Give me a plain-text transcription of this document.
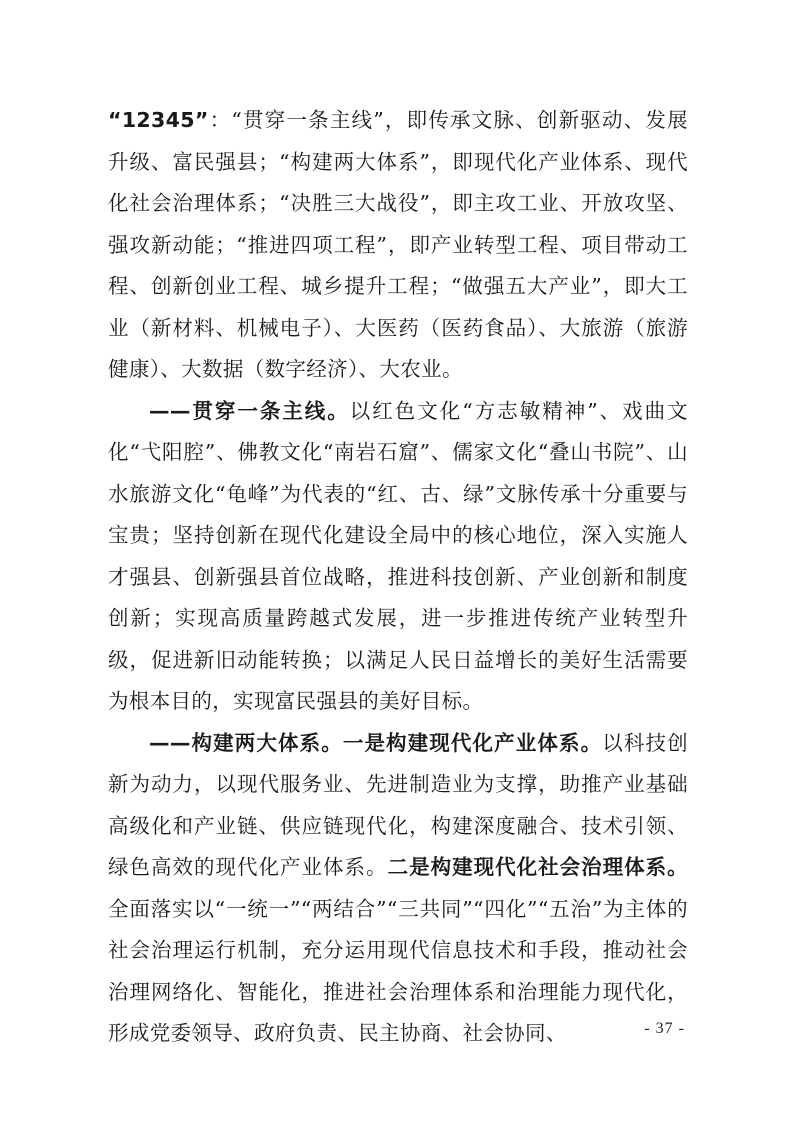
“12345”：“贯穿一条主线”，即传承文脉、创新驱动、发展升级、富民强县；“构建两大体系”，即现代化产业体系、现代化社会治理体系；“决胜三大战役”，即主攻工业、开放攻坚、强攻新动能；“推进四项工程”，即产业转型工程、项目带动工程、创新创业工程、城乡提升工程；“做强五大产业”，即大工业（新材料、机械电子）、大医药（医药食品）、大旅游（旅游健康）、大数据（数字经济）、大农业。

——贯穿一条主线。以红色文化“方志敏精神”、戏曲文化“弋阳腔”、佛教文化“南岩石窟”、儒家文化“叠山书院”、山水旅游文化“龟峰”为代表的“红、古、绿”文脉传承十分重要与宝贵；坚持创新在现代化建设全局中的核心地位，深入实施人才强县、创新强县首位战略，推进科技创新、产业创新和制度创新；实现高质量跨越式发展，进一步推进传统产业转型升级，促进新旧动能转换；以满足人民日益增长的美好生活需要为根本目的，实现富民强县的美好目标。

——构建两大体系。一是构建现代化产业体系。以科技创新为动力，以现代服务业、先进制造业为支撑，助推产业基础高级化和产业链、供应链现代化，构建深度融合、技术引领、绿色高效的现代化产业体系。二是构建现代化社会治理体系。全面落实以“一统一”“两结合”“三共同”“四化”“五治”为主体的社会治理运行机制，充分运用现代信息技术和手段，推动社会治理网络化、智能化，推进社会治理体系和治理能力现代化，形成党委领导、政府负责、民主协商、社会协同、	- 37 -
